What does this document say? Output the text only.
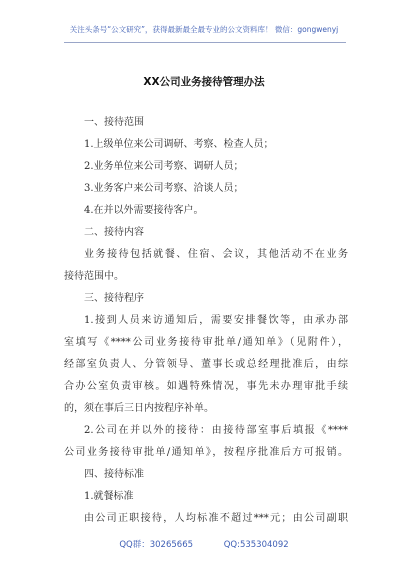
关注头条号“公文研究”，获得最新最全最专业的公文资料库！ 微信：gongwenyj
XX公司业务接待管理办法
一、接待范围
1.上级单位来公司调研、考察、检查人员；
2.业务单位来公司考察、调研人员；
3.业务客户来公司考察、洽谈人员；
4.在并以外需要接待客户。
二、接待内容
业务接待包括就餐、住宿、会议，其他活动不在业务
接待范围中。
三、接待程序
1.接到人员来访通知后，需要安排餐饮等，由承办部
室填写《****公司业务接待审批单/通知单》（见附件），
经部室负责人、分管领导、董事长或总经理批准后，由综
合办公室负责审核。如遇特殊情况，事先未办理审批手续
的，须在事后三日内按程序补单。
2.公司在并以外的接待：由接待部室事后填报《****
公司业务接待审批单/通知单》，按程序批准后方可报销。
四、接待标准
1.就餐标准
由公司正职接待，人均标准不超过***元；由公司副职
QQ群：30265665	QQ:535304092
